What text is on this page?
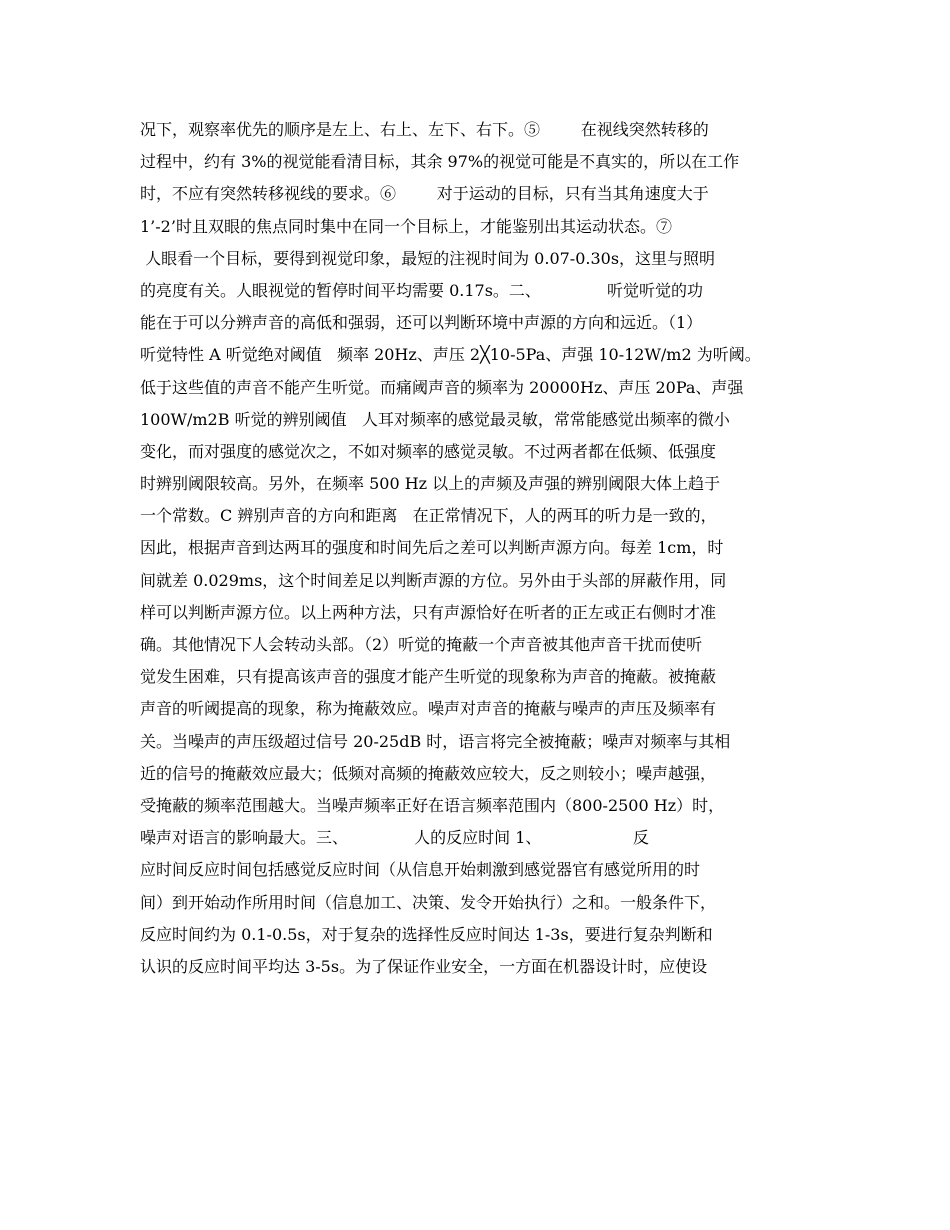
况下，观察率优先的顺序是左上、右上、左下、右下。⑤        在视线突然转移的
过程中，约有 3%的视觉能看清目标，其余 97%的视觉可能是不真实的，所以在工作
时，不应有突然转移视线的要求。⑥        对于运动的目标，只有当其角速度大于
1’-2’时且双眼的焦点同时集中在同一个目标上，才能鉴别出其运动状态。⑦
人眼看一个目标，要得到视觉印象，最短的注视时间为 0.07-0.30s，这里与照明
的亮度有关。人眼视觉的暂停时间平均需要 0.17s。二、             听觉听觉的功
能在于可以分辨声音的高低和强弱，还可以判断环境中声源的方向和远近。（1）
听觉特性 A 听觉绝对阈值   频率 20Hz、声压 2╳10-5Pa、声强 10-12W/m2 为听阈。
低于这些值的声音不能产生听觉。而痛阈声音的频率为 20000Hz、声压 20Pa、声强
100W/m2B 听觉的辨别阈值   人耳对频率的感觉最灵敏，常常能感觉出频率的微小
变化，而对强度的感觉次之，不如对频率的感觉灵敏。不过两者都在低频、低强度
时辨别阈限较高。另外，在频率 500 Hz 以上的声频及声强的辨别阈限大体上趋于
一个常数。C 辨别声音的方向和距离   在正常情况下，人的两耳的听力是一致的，
因此，根据声音到达两耳的强度和时间先后之差可以判断声源方向。每差 1cm，时
间就差 0.029ms，这个时间差足以判断声源的方位。另外由于头部的屏蔽作用，同
样可以判断声源方位。以上两种方法，只有声源恰好在听者的正左或正右侧时才准
确。其他情况下人会转动头部。（2）听觉的掩蔽一个声音被其他声音干扰而使听
觉发生困难，只有提高该声音的强度才能产生听觉的现象称为声音的掩蔽。被掩蔽
声音的听阈提高的现象，称为掩蔽效应。噪声对声音的掩蔽与噪声的声压及频率有
关。当噪声的声压级超过信号 20-25dB 时，语言将完全被掩蔽；噪声对频率与其相
近的信号的掩蔽效应最大；低频对高频的掩蔽效应较大，反之则较小；噪声越强，
受掩蔽的频率范围越大。当噪声频率正好在语言频率范围内（800-2500 Hz）时，
噪声对语言的影响最大。三、             人的反应时间 1、                  反
应时间反应时间包括感觉反应时间（从信息开始刺激到感觉器官有感觉所用的时
间）到开始动作所用时间（信息加工、决策、发令开始执行）之和。一般条件下，
反应时间约为 0.1-0.5s，对于复杂的选择性反应时间达 1-3s，要进行复杂判断和
认识的反应时间平均达 3-5s。为了保证作业安全，一方面在机器设计时，应使设
